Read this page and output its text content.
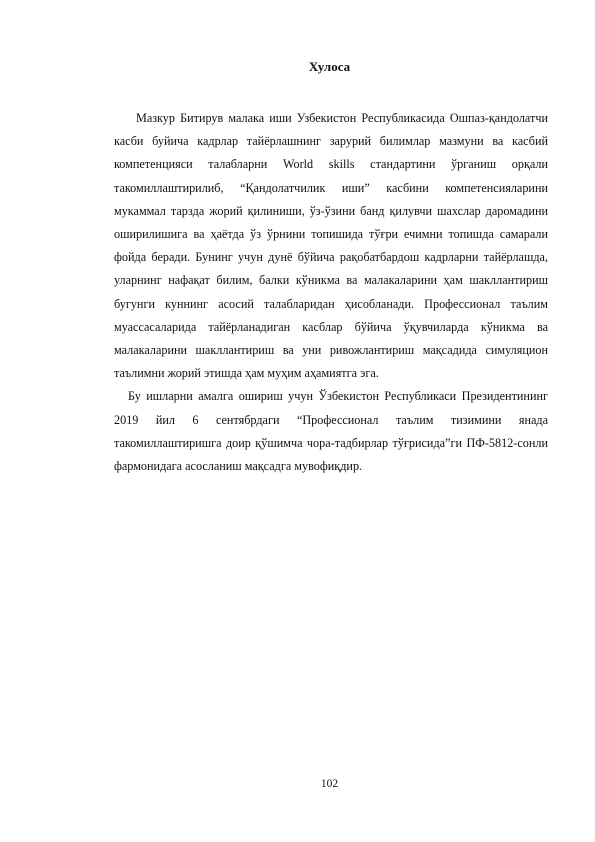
Хулоса

Мазкур Битирув малака иши Узбекистон Республикасида Ошпаз-қандолатчи касби буйича кадрлар тайёрлашнинг зарурий билимлар мазмуни ва касбий компетенцияси талабларни World skills стандартини ўрганиш орқали такомиллаштирилиб, “Қандолатчилик иши” касбини компетенсияларини мукаммал тарзда жорий қилиниши, ўз-ўзини банд қилувчи шахслар даромадини оширилишига ва ҳаётда ўз ўрнини топишида тўғри ечимни топишда самарали фойда беради. Бунинг учун дунё бўйича рақобатбардош кадрларни тайёрлашда, уларнинг нафақат билим, балки кўникма ва малакаларини ҳам шакллантириш бугунги куннинг асосий талабларидан ҳисобланади. Профессионал таълим муассасаларида тайёрланадиган касблар бўйича ўқувчиларда кўникма ва малакаларини шакллантириш ва уни ривожлантириш мақсадида симуляцион таълимни жорий этишда ҳам муҳим аҳамиятга эга.

Бу ишларни амалга ошириш учун Ўзбекистон Республикаси Президентининг 2019 йил 6 сентябрдаги “Профессионал таълим тизимини янада такомиллаштиришга доир қўшимча чора-тадбирлар тўғрисида”ги ПФ-5812-сонли фармонидага асосланиш мақсадга мувофиқдир.

102
